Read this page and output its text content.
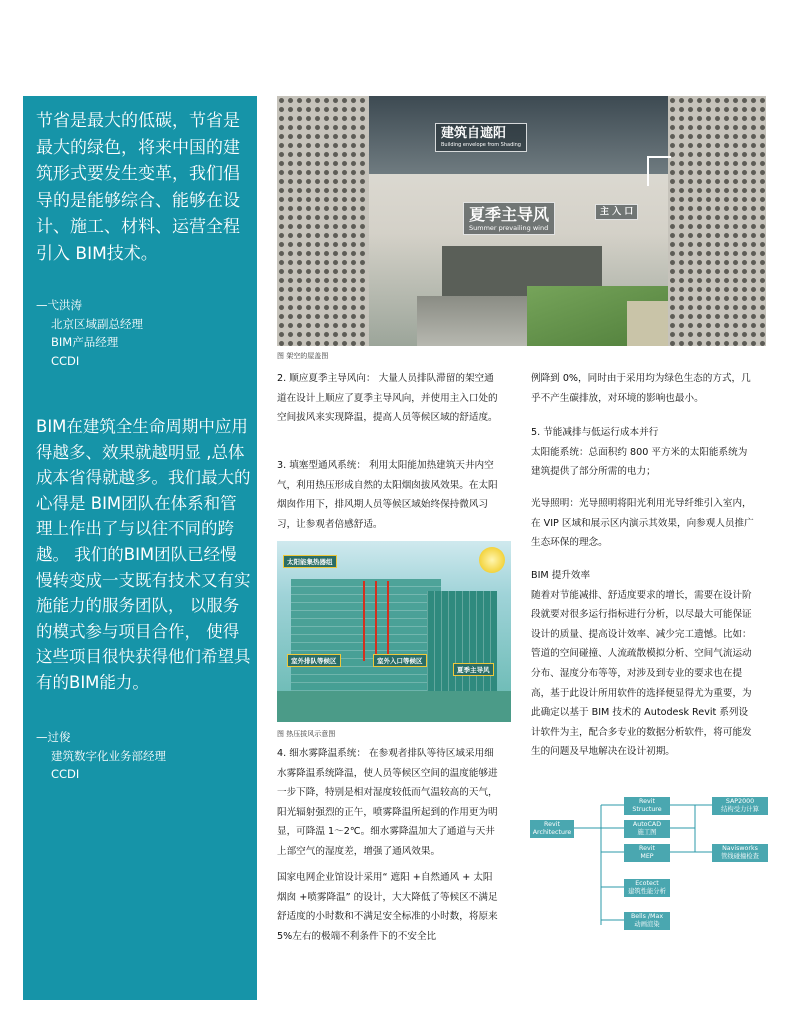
节省是最大的低碳，节省是最大的绿色，将来中国的建筑形式要发生变革，我们倡导的是能够综合、能够在设计、施工、材料、运营全程引入 BIM技术。

—弋洪涛
北京区域副总经理
BIM产品经理
CCDI

BIM在建筑全生命周期中应用得越多、效果就越明显 ,总体成本省得就越多。我们最大的心得是 BIM团队在体系和管理上作出了与以往不同的跨越。 我们的BIM团队已经慢慢转变成一支既有技术又有实施能力的服务团队， 以服务的模式参与项目合作， 使得这些项目很快获得他们希望具有的BIM能力。

—过俊
建筑数字化业务部经理
CCDI
建筑自遮阳
Building envelope from Shading
夏季主导风
Summer prevailing wind
主 入 口
图 架空的屋盖图

2. 顺应夏季主导风向： 大量人员排队滞留的架空通道在设计上顺应了夏季主导风向，并使用主入口处的空间拔风来实现降温，提高人员等候区域的舒适度。

3. 填塞型通风系统： 利用太阳能加热建筑天井内空气，利用热压形成自然的太阳烟囱拔风效果。在太阳烟囱作用下，排风期人员等候区域始终保持微风习习，让参观者倍感舒适。

太阳能集热器组
室外排队等候区	室外入口等候区
夏季主导风
图 热压拔风示意图

4. 细水雾降温系统： 在参观者排队等待区域采用细水雾降温系统降温，使人员等候区空间的温度能够进一步下降，特别是相对湿度较低而气温较高的天气，阳光辐射强烈的正午，喷雾降温所起到的作用更为明显，可降温 1～2℃。细水雾降温加大了通道与天井上部空气的湿度差，增强了通风效果。

国家电网企业馆设计采用“ 遮阳 +自然通风 + 太阳烟囱 +喷雾降温” 的设计，大大降低了等候区不满足舒适度的小时数和不满足安全标准的小时数，将原来 5%左右的极端不利条件下的不安全比

例降到 0%，同时由于采用均为绿色生态的方式，几乎不产生碳排放，对环境的影响也最小。

5. 节能减排与低运行成本并行
太阳能系统：总面积约 800 平方米的太阳能系统为建筑提供了部分所需的电力；

光导照明：光导照明将阳光利用光导纤维引入室内，在 VIP 区域和展示区内演示其效果，向参观人员推广生态环保的理念。

BIM 提升效率
随着对节能减排、舒适度要求的增长，需要在设计阶段就要对很多运行指标进行分析，以尽最大可能保证设计的质量、提高设计效率、减少完工遗憾。比如：管道的空间碰撞、人流疏散模拟分析、空间气流运动分布、湿度分布等等，对涉及到专业的要求也在提高，基于此设计所用软件的选择便显得尤为重要，为此确定以基于 BIM 技术的 Autodesk Revit 系列设计软件为主，配合多专业的数据分析软件，将可能发生的问题及早地解决在设计初期。

Revit
Architecture
Revit
Structure
AutoCAD
施工图
Revit
MEP
Ecotect
建筑性能分析
Bells /Max
动画渲染
SAP2000
结构受力计算
Navisworks
管线碰撞检查
